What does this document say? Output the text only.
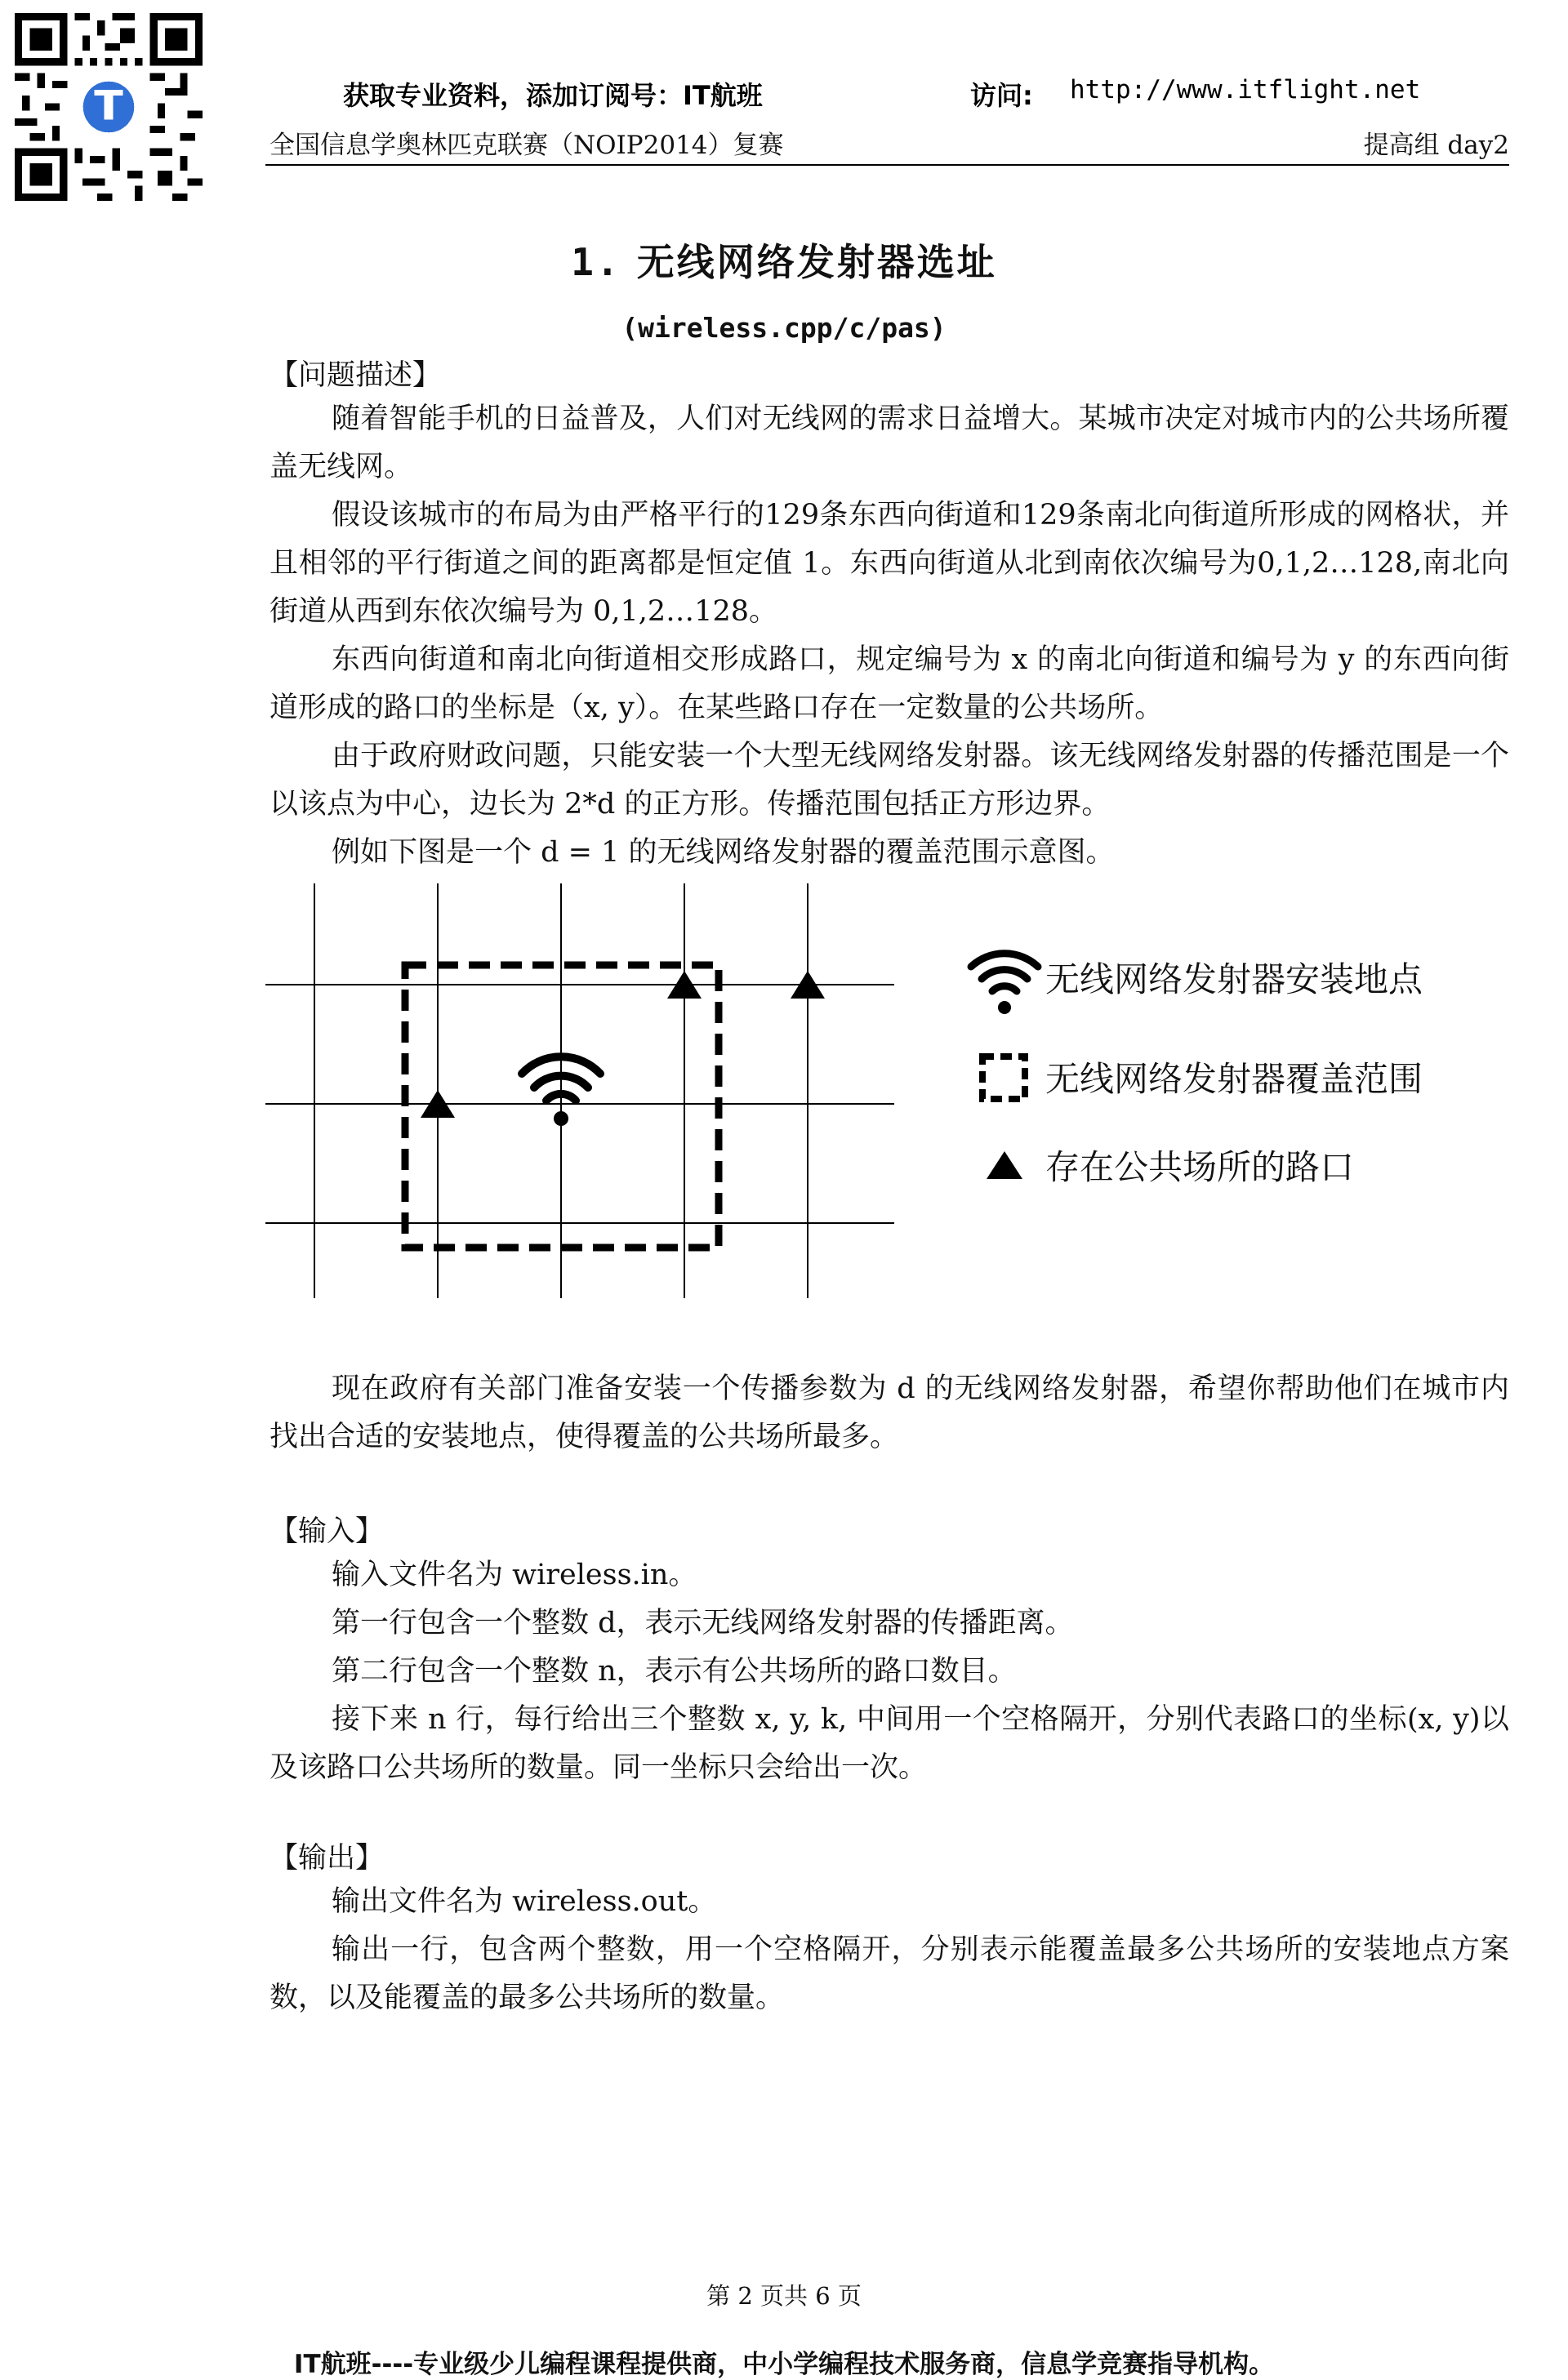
获取专业资料，添加订阅号：IT航班	访问: http://www.itflight.net
全国信息学奥林匹克联赛（NOIP2014）复赛	提高组 day2
1. 无线网络发射器选址
(wireless.cpp/c/pas)
【问题描述】

随着智能手机的日益普及，人们对无线网的需求日益增大。某城市决定对城市内的公共场所覆盖无线网。

假设该城市的布局为由严格平行的129条东西向街道和129条南北向街道所形成的网格状，并且相邻的平行街道之间的距离都是恒定值 1。东西向街道从北到南依次编号为0,1,2…128,南北向街道从西到东依次编号为 0,1,2…128。

东西向街道和南北向街道相交形成路口，规定编号为 x 的南北向街道和编号为 y 的东西向街道形成的路口的坐标是（x, y）。在某些路口存在一定数量的公共场所。

由于政府财政问题，只能安装一个大型无线网络发射器。该无线网络发射器的传播范围是一个以该点为中心，边长为 2*d 的正方形。传播范围包括正方形边界。

例如下图是一个 d = 1 的无线网络发射器的覆盖范围示意图。

无线网络发射器安装地点
无线网络发射器覆盖范围
存在公共场所的路口

现在政府有关部门准备安装一个传播参数为 d 的无线网络发射器，希望你帮助他们在城市内找出合适的安装地点，使得覆盖的公共场所最多。

【输入】

输入文件名为 wireless.in。

第一行包含一个整数 d，表示无线网络发射器的传播距离。

第二行包含一个整数 n，表示有公共场所的路口数目。

接下来 n 行，每行给出三个整数 x, y, k, 中间用一个空格隔开，分别代表路口的坐标(x, y)以及该路口公共场所的数量。同一坐标只会给出一次。

【输出】

输出文件名为 wireless.out。

输出一行，包含两个整数，用一个空格隔开，分别表示能覆盖最多公共场所的安装地点方案数，以及能覆盖的最多公共场所的数量。

第 2 页共 6 页
IT航班----专业级少儿编程课程提供商，中小学编程技术服务商，信息学竞赛指导机构。
